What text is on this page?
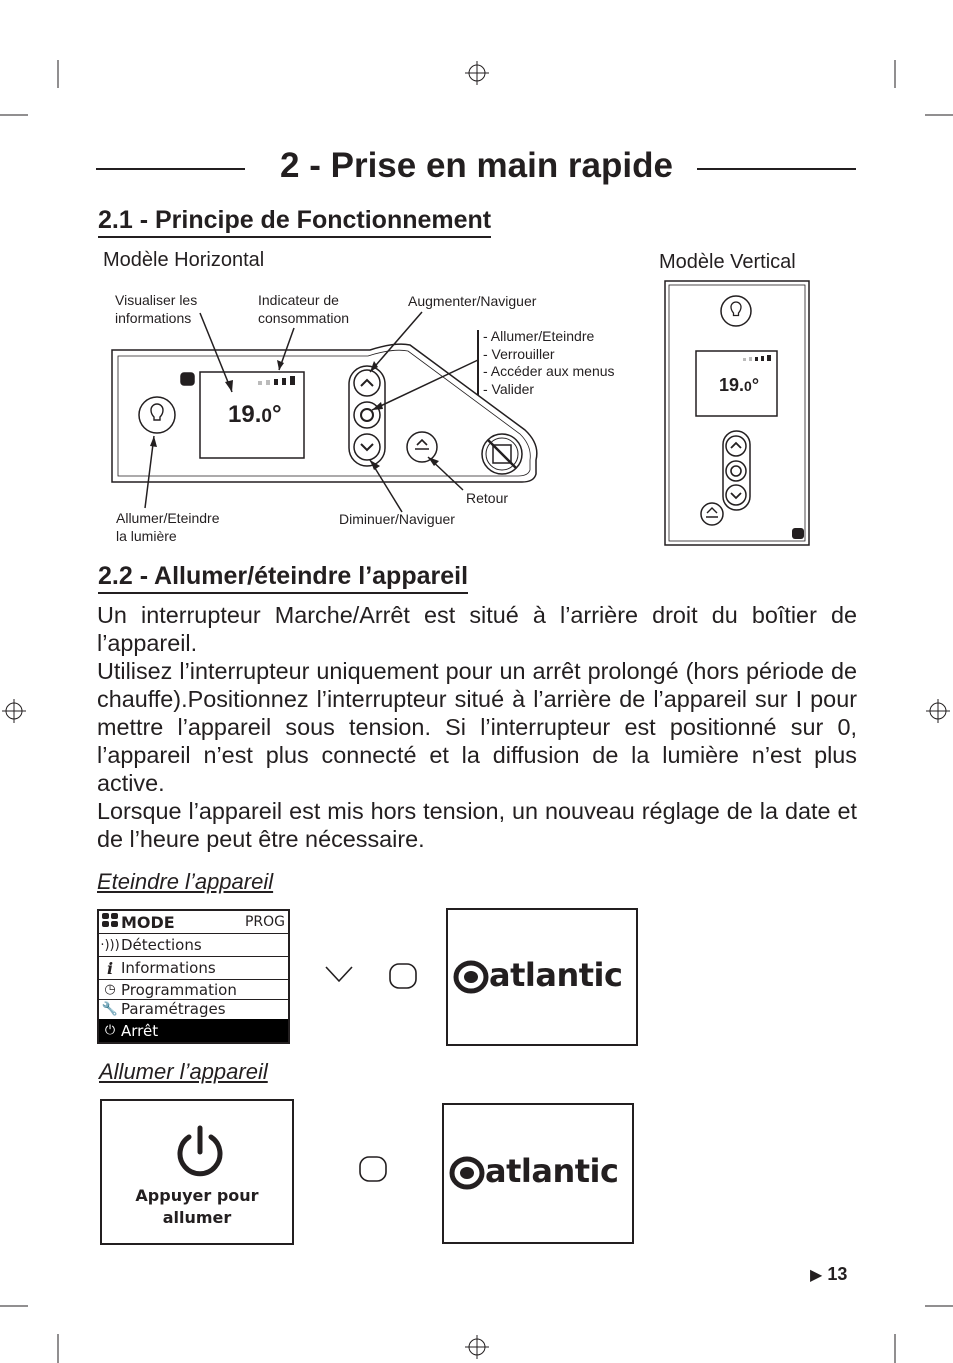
2 - Prise en main rapide
2.1 - Principe de Fonctionnement
Modèle Horizontal	Modèle Vertical
Visualiser les
informations
Indicateur de
consommation
Augmenter/Naviguer
- Allumer/Eteindre
- Verrouiller
- Accéder aux menus
- Valider
Retour
Diminuer/Naviguer
Allumer/Eteindre
la lumière
19.0°
19.0°
2.2 - Allumer/éteindre l’appareil

Un interrupteur Marche/Arrêt est situé à l’arrière droit du boîtier de l’appareil.

Utilisez l’interrupteur uniquement pour un arrêt prolongé (hors période de chauffe).Positionnez l’interrupteur situé à l’arrière de l’appareil sur I pour mettre l’appareil sous tension. Si l’interrupteur est positionné sur 0, l’appareil n’est plus connecté et la diffusion de la lumière n’est plus active.

Lorsque l’appareil est mis hors tension, un nouveau réglage de la date et de l’heure peut être nécessaire.

Eteindre l’appareil
MODE	PROG
·))) Détections
i Informations
◷ Programmation
🔧 Paramétrages
⏻ Arrêt
atlantic
Allumer l’appareil
Appuyer pour
allumer
atlantic
▶ 13
